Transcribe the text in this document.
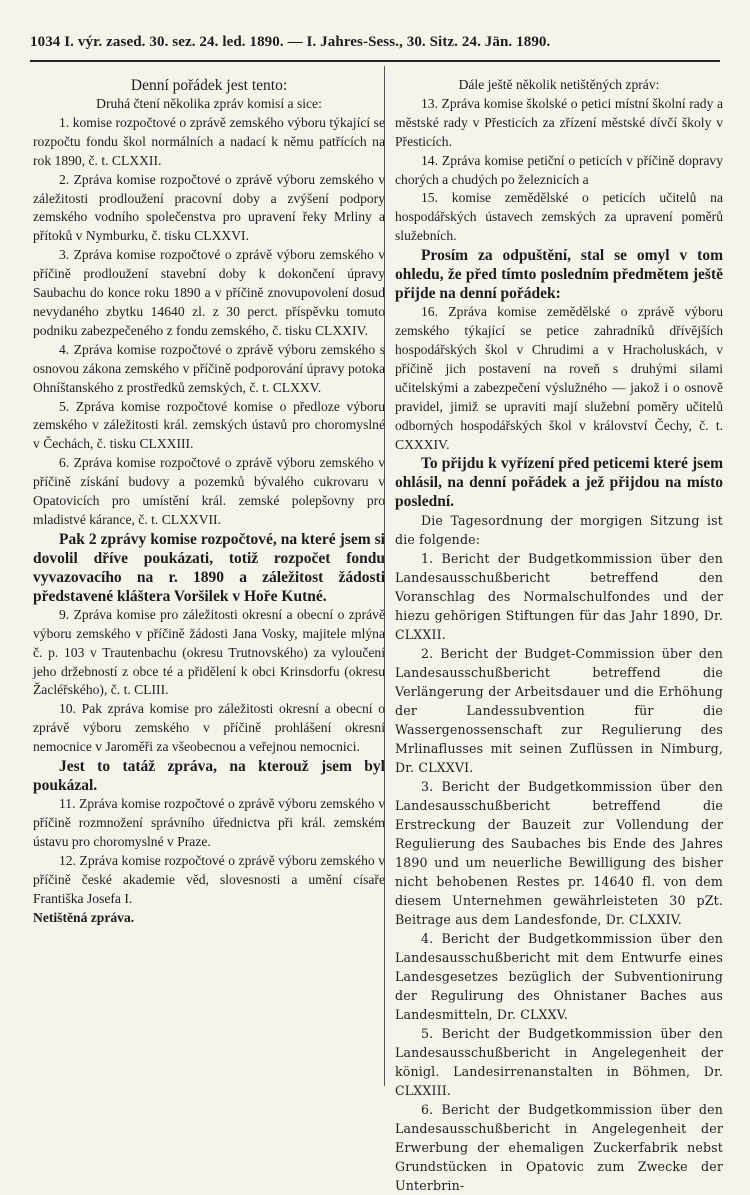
1034 I. výr. zased. 30. sez. 24. led. 1890. — I. Jahres-Sess., 30. Sitz. 24. Jän. 1890.

Denní pořádek jest tento:

Druhá čtení několika zpráv komisí a sice:

1. komise rozpočtové o zprávě zemského výboru týkající se rozpočtu fondu škol normálních a nadací k němu patřících na rok 1890, č. t. CLXXII.

2. Zpráva komise rozpočtové o zprávě výboru zemského v záležitosti prodloužení pracovní doby a zvýšení podpory zemského vodního společenstva pro upravení řeky Mrliny a přítoků v Nymburku, č. tisku CLXXVI.

3. Zpráva komise rozpočtové o zprávě výboru zemského v příčině prodloužení stavební doby k dokončení úpravy Saubachu do konce roku 1890 a v příčině znovupovolení dosud nevydaného zbytku 14640 zl. z 30 perct. příspěvku tomuto podniku zabezpečeného z fondu zemského, č. tisku CLXXIV.

4. Zpráva komise rozpočtové o zprávě výboru zemského s osnovou zákona zemského v příčině podporování úpravy potoka Ohníštanského z prostředků zemských, č. t. CLXXV.

5. Zpráva komise rozpočtové komise o předloze výboru zemského v záležitosti král. zemských ústavů pro choromyslné v Čechách, č. tisku CLXXIII.

6. Zpráva komise rozpočtové o zprávě výboru zemského v příčině získání budovy a pozemků bývalého cukrovaru v Opatovicích pro umístění král. zemské polepšovny pro mladistvé kárance, č. t. CLXXVII.

Pak 2 zprávy komise rozpočtové, na které jsem si dovolil dříve poukázati, totiž rozpočet fondu vyvazovacího na r. 1890 a záležitost žádosti představené kláštera Voršilek v Hoře Kutné.

9. Zpráva komise pro záležitosti okresní a obecní o zprávě výboru zemského v příčině žádosti Jana Vosky, majitele mlýna č. p. 103 v Trautenbachu (okresu Trutnovského) za vyloučení jeho držebností z obce té a přidělení k obci Krinsdorfu (okresu Žacléřského), č. t. CLIII.

10. Pak zpráva komise pro záležitosti okresní a obecní o zprávě výboru zemského v příčině prohlášení okresní nemocnice v Jaroměři za všeobecnou a veřejnou nemocnici.

Jest to tatáž zpráva, na kterouž jsem byl poukázal.

11. Zpráva komise rozpočtové o zprávě výboru zemského v příčině rozmnožení správního úřednictva při král. zemském ústavu pro choromyslné v Praze.

12. Zpráva komise rozpočtové o zprávě výboru zemského v příčině české akademie věd, slovesnosti a umění císaře Františka Josefa I.

Netištěná zpráva.

Dále ještě několik netištěných zpráv:

13. Zpráva komise školské o petici místní školní rady a městské rady v Přesticích za zřízení městské dívčí školy v Přesticích.

14. Zpráva komise petiční o peticích v příčině dopravy chorých a chudých po železnicích a

15. komise zemědělské o peticích učitelů na hospodářských ústavech zemských za upravení poměrů služebních.

Prosím za odpuštění, stal se omyl v tom ohledu, že před tímto posledním předmětem ještě přijde na denní pořádek:

16. Zpráva komise zemědělské o zprávě výboru zemského týkající se petice zahradníků dřívějších hospodářských škol v Chrudimi a v Hracholuskách, v příčině jich postavení na roveň s druhými silami učitelskými a zabezpečení výslužného — jakož i o osnově pravidel, jimiž se upraviti mají služební poměry učitelů odborných hospodářských škol v království Čechy, č. t. CXXXIV.

To přijdu k vyřízení před peticemi které jsem ohlásil, na denní pořádek a jež přijdou na místo poslední.

Die Tagesordnung der morgigen Sitzung ist die folgende:

1. Bericht der Budgetkommission über den Landesausschußbericht betreffend den Voranschlag des Normalschulfondes und der hiezu gehörigen Stiftungen für das Jahr 1890, Dr. CLXXII.

2. Bericht der Budget-Commission über den Landesausschußbericht betreffend die Verlängerung der Arbeitsdauer und die Erhöhung der Landessubvention für die Wassergenossenschaft zur Regulierung des Mrlinaflusses mit seinen Zuflüssen in Nimburg, Dr. CLXXVI.

3. Bericht der Budgetkommission über den Landesausschußbericht betreffend die Erstreckung der Bauzeit zur Vollendung der Regulierung des Saubaches bis Ende des Jahres 1890 und um neuerliche Bewilligung des bisher nicht behobenen Restes pr. 14640 fl. von dem diesem Unternehmen gewährleisteten 30 pZt. Beitrage aus dem Landesfonde, Dr. CLXXIV.

4. Bericht der Budgetkommission über den Landesausschußbericht mit dem Entwurfe eines Landesgesetzes bezüglich der Subventionirung der Regulirung des Ohnistaner Baches aus Landesmitteln, Dr. CLXXV.

5. Bericht der Budgetkommission über den Landesausschußbericht in Angelegenheit der königl. Landesirrenanstalten in Böhmen, Dr. CLXXIII.

6. Bericht der Budgetkommission über den Landesausschußbericht in Angelegenheit der Erwerbung der ehemaligen Zuckerfabrik nebst Grundstücken in Opatovic zum Zwecke der Unterbrin-
